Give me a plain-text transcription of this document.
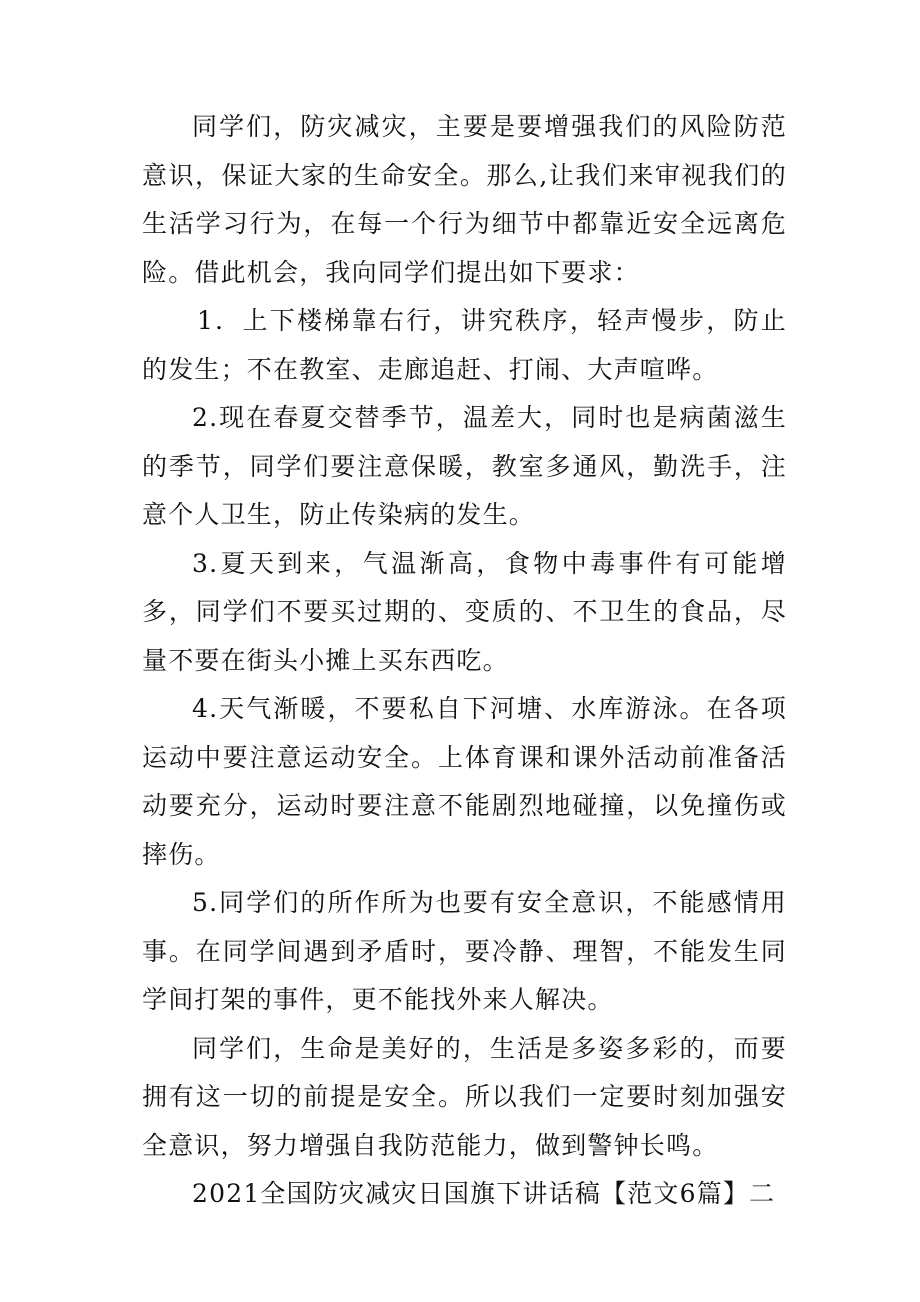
同学们，防灾减灾，主要是要增强我们的风险防范意识，保证大家的生命安全。那么,让我们来审视我们的生活学习行为，在每一个行为细节中都靠近安全远离危险。借此机会，我向同学们提出如下要求：

1．上下楼梯靠右行，讲究秩序，轻声慢步，防止的发生；不在教室、走廊追赶、打闹、大声喧哗。

2.现在春夏交替季节，温差大，同时也是病菌滋生的季节，同学们要注意保暖，教室多通风，勤洗手，注意个人卫生，防止传染病的发生。

3.夏天到来，气温渐高，食物中毒事件有可能增多，同学们不要买过期的、变质的、不卫生的食品，尽量不要在街头小摊上买东西吃。

4.天气渐暖，不要私自下河塘、水库游泳。在各项运动中要注意运动安全。上体育课和课外活动前准备活动要充分，运动时要注意不能剧烈地碰撞，以免撞伤或摔伤。

5.同学们的所作所为也要有安全意识，不能感情用事。在同学间遇到矛盾时，要冷静、理智，不能发生同学间打架的事件，更不能找外来人解决。

同学们，生命是美好的，生活是多姿多彩的，而要拥有这一切的前提是安全。所以我们一定要时刻加强安全意识，努力增强自我防范能力，做到警钟长鸣。

2021全国防灾减灾日国旗下讲话稿【范文6篇】二
